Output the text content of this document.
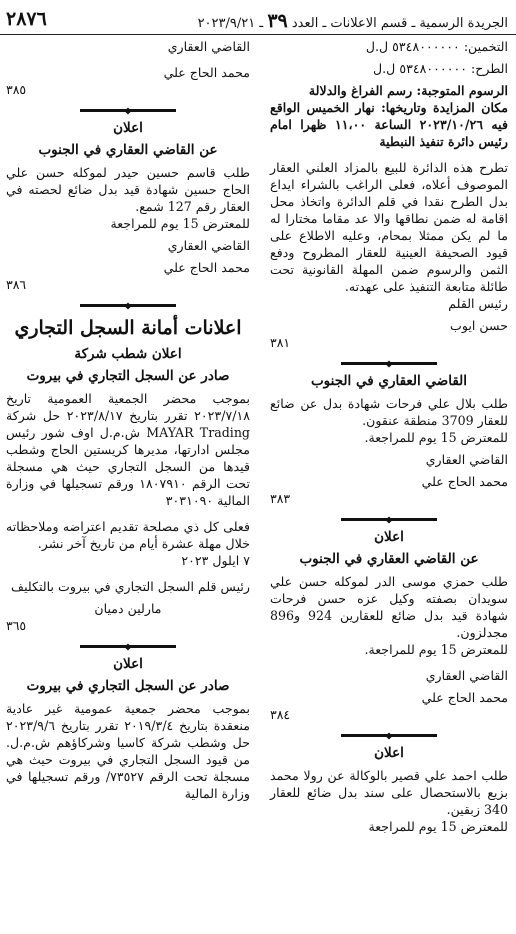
الجريدة الرسمية ـ قسم الاعلانات ـ العدد ٣٩ ـ ٢٠٢٣/٩/٢١
٢٨٧٦

التخمين: ٥٣٤٨٠٠٠٠٠٠ ل.ل

الطرح: ٥٣٤٨٠٠٠٠٠٠ ل.ل

الرسوم المتوجبة: رسم الفراغ والدلالة

مكان المزايدة وتاريخها: نهار الخميس الواقع فيه ٢٠٢٣/١٠/٢٦ الساعة ١١،٠٠ ظهرا امام رئيس دائرة تنفيذ النبطية

تطرح هذه الدائرة للبيع بالمزاد العلني العقار الموصوف أعلاه، فعلى الراغب بالشراء ايداع بدل الطرح نقدا في قلم الدائرة واتخاذ محل اقامة له ضمن نطاقها والا عد مقاما مختارا له ما لم يكن ممثلا بمحام، وعليه الاطلاع على قيود الصحيفة العينية للعقار المطروح ودفع الثمن والرسوم ضمن المهلة القانونية تحت طائلة متابعة التنفيذ على عهدته.

رئيس القلم

حسن ايوب

٣٨١

القاضي العقاري في الجنوب

طلب بلال علي فرحات شهادة بدل عن ضائع للعقار 3709 منطقة عنقون.

للمعترض 15 يوم للمراجعة.

القاضي العقاري

محمد الحاج علي

٣٨٣

اعلان

عن القاضي العقاري في الجنوب

طلب حمزي موسى الدر لموكله حسن علي سويدان بصفته وكيل عزه حسن فرحات شهادة قيد بدل ضائع للعقارين 924 و896 مجدلزون.

للمعترض 15 يوم للمراجعة.

القاضي العقاري

محمد الحاج علي

٣٨٤

اعلان

طلب احمد علي قصير بالوكالة عن رولا محمد بزيع بالاستحصال على سند بدل ضائع للعقار 340 زبقين.

للمعترض 15 يوم للمراجعة

القاضي العقاري

محمد الحاج علي

٣٨٥

اعلان

عن القاضي العقاري في الجنوب

طلب قاسم حسين حيدر لموكله حسن علي الحاج حسين شهادة قيد بدل ضائع لحصته في العقار رقم 127 شمع.

للمعترض 15 يوم للمراجعة

القاضي العقاري

محمد الحاج علي

٣٨٦

اعلانات أمانة السجل التجاري

اعلان شطب شركة

صادر عن السجل التجاري في بيروت

بموجب محضر الجمعية العمومية تاريخ ٢٠٢٣/٧/١٨ تقرر بتاريخ ٢٠٢٣/٨/١٧ حل شركة MAYAR Trading ش.م.ل اوف شور رئيس مجلس ادارتها، مديرها كريستين الحاج وشطب قيدها من السجل التجاري حيث هي مسجلة تحت الرقم ١٨٠٧٩١٠ ورقم تسجيلها في وزارة المالية ٣٠٣١٠٩٠

فعلى كل ذي مصلحة تقديم اعتراضه وملاحظاته خلال مهلة عشرة أيام من تاريخ آخر نشر.

٧ ايلول ٢٠٢٣

رئيس قلم السجل التجاري في بيروت بالتكليف

مارلين دميان

٣٦٥

اعلان

صادر عن السجل التجاري في بيروت

بموجب محضر جمعية عمومية غير عادية منعقدة بتاريخ ٢٠١٩/٣/٤ تقرر بتاريخ ٢٠٢٣/٩/٦ حل وشطب شركة كاسيا وشركاؤهم ش.م.ل. من قيود السجل التجاري في بيروت حيث هي مسجلة تحت الرقم ٧٣٥٢٧/ ورقم تسجيلها في وزارة المالية
